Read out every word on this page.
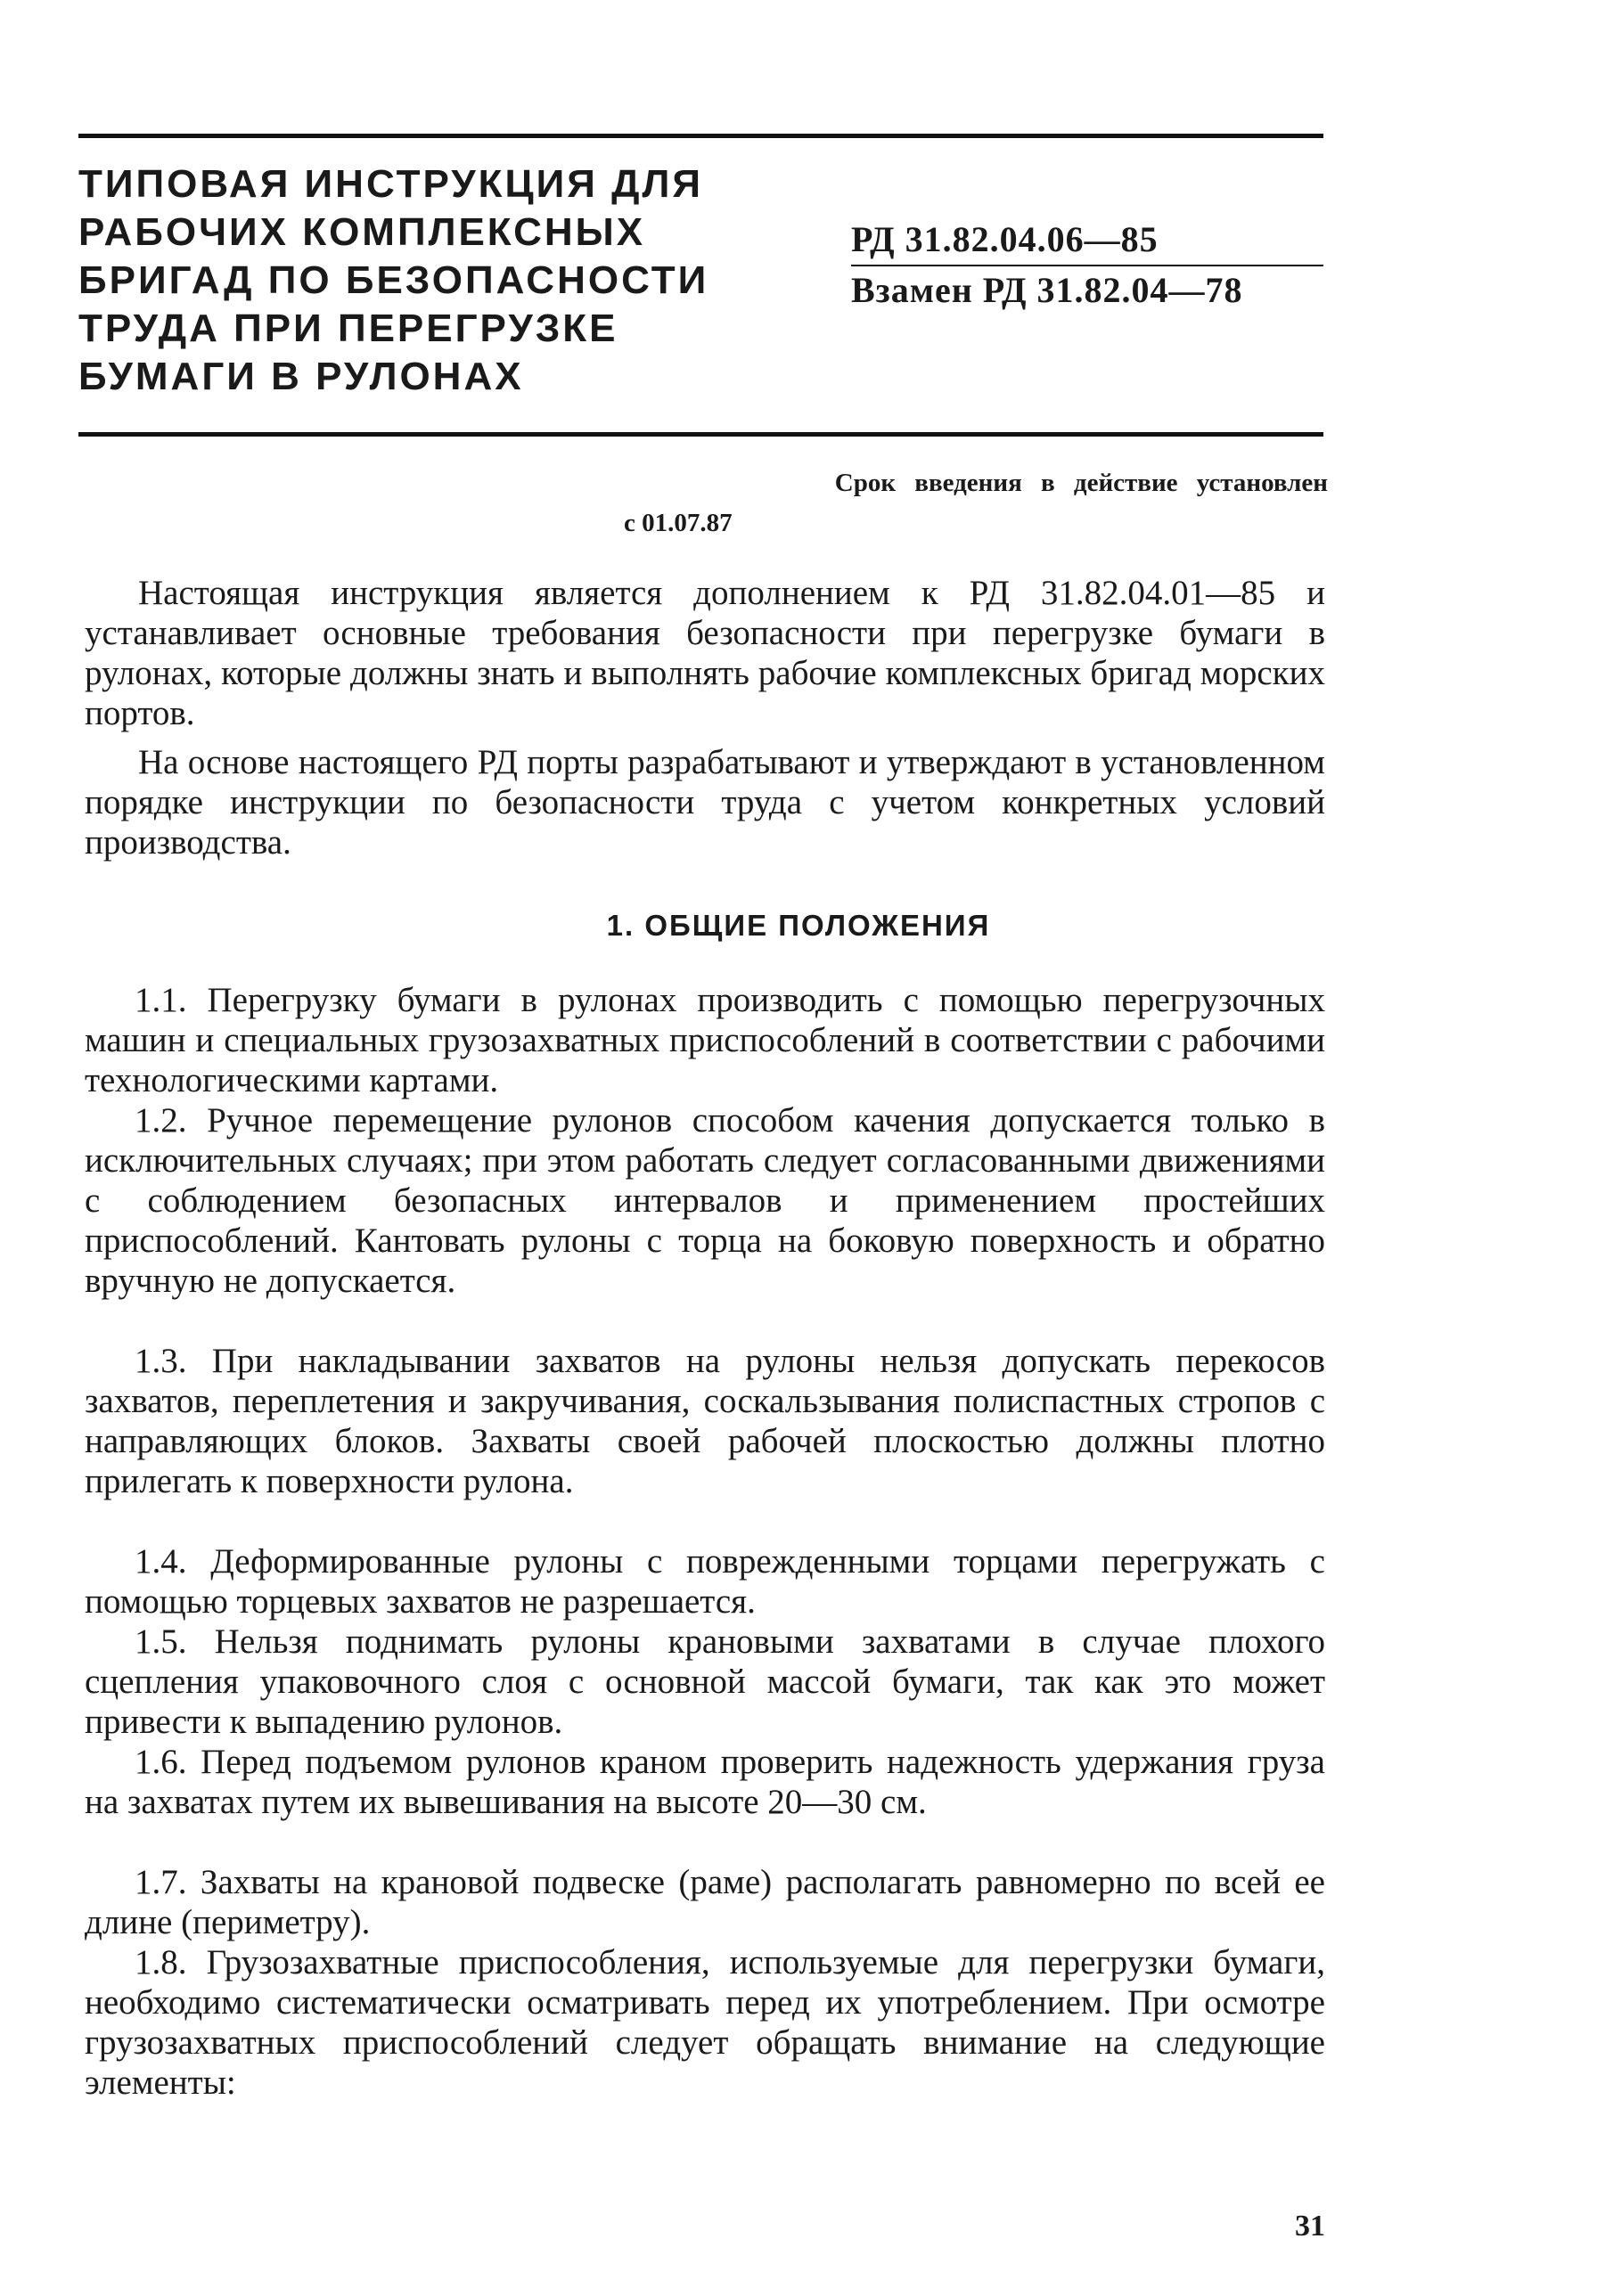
ТИПОВАЯ ИНСТРУКЦИЯ ДЛЯ
РАБОЧИХ КОМПЛЕКСНЫХ
БРИГАД ПО БЕЗОПАСНОСТИ
ТРУДА ПРИ ПЕРЕГРУЗКЕ
БУМАГИ В РУЛОНАХ
РД 31.82.04.06—85
Взамен РД 31.82.04—78
Срок введения в действие установлен
с 01.07.87

Настоящая инструкция является дополнением к РД 31.82.04.01—85 и устанавливает основные требования безопасности при перегрузке бумаги в рулонах, которые должны знать и выполнять рабочие комплексных бригад морских портов.

На основе настоящего РД порты разрабатывают и утверждают в установленном порядке инструкции по безопасности труда с учетом конкретных условий производства.

1. ОБЩИЕ ПОЛОЖЕНИЯ

1.1. Перегрузку бумаги в рулонах производить с помощью перегрузочных машин и специальных грузозахватных приспособлений в соответствии с рабочими технологическими картами.

1.2. Ручное перемещение рулонов способом качения допускается только в исключительных случаях; при этом работать следует согласованными движениями с соблюдением безопасных интервалов и применением простейших приспособлений. Кантовать рулоны с торца на боковую поверхность и обратно вручную не допускается.

1.3. При накладывании захватов на рулоны нельзя допускать перекосов захватов, переплетения и закручивания, соскальзывания полиспастных стропов с направляющих блоков. Захваты своей рабочей плоскостью должны плотно прилегать к поверхности рулона.

1.4. Деформированные рулоны с поврежденными торцами перегружать с помощью торцевых захватов не разрешается.

1.5. Нельзя поднимать рулоны крановыми захватами в случае плохого сцепления упаковочного слоя с основной массой бумаги, так как это может привести к выпадению рулонов.

1.6. Перед подъемом рулонов краном проверить надежность удержания груза на захватах путем их вывешивания на высоте 20—30 см.

1.7. Захваты на крановой подвеске (раме) располагать равномерно по всей ее длине (периметру).

1.8. Грузозахватные приспособления, используемые для перегрузки бумаги, необходимо систематически осматривать перед их употреблением. При осмотре грузозахватных приспособлений следует обращать внимание на следующие элементы:

31
